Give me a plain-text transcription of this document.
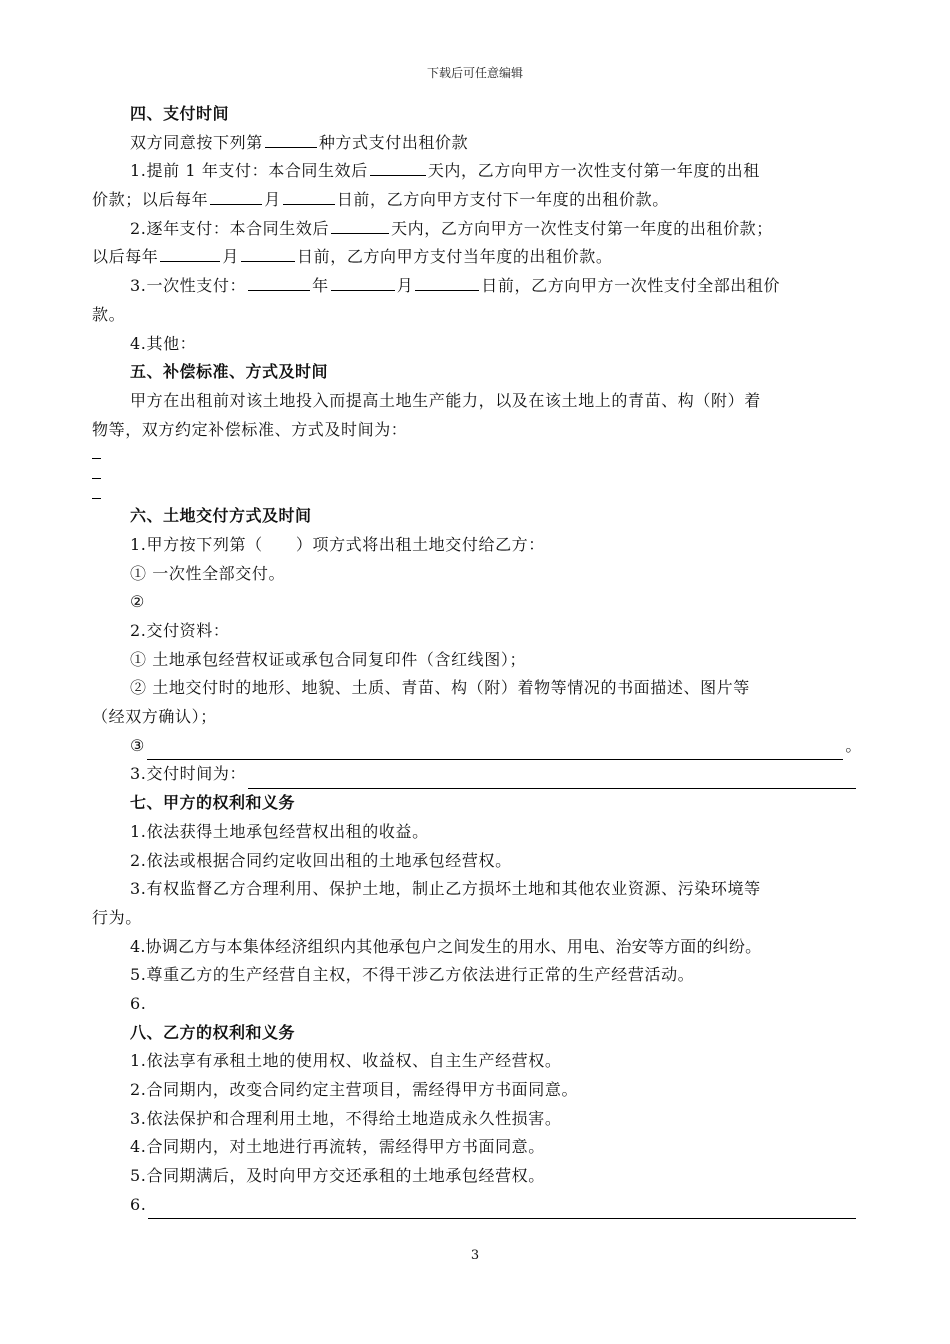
下载后可任意编辑
四、支付时间
双方同意按下列第	种方式支付出租价款
1.提前 1 年支付：本合同生效后	天内，乙方向甲方一次性支付第一年度的出租
价款；以后每年	月	日前，乙方向甲方支付下一年度的出租价款。
2.逐年支付：本合同生效后	天内，乙方向甲方一次性支付第一年度的出租价款；
以后每年	月	日前，乙方向甲方支付当年度的出租价款。
3.一次性支付：	年	月	日前，乙方向甲方一次性支付全部出租价
款。
4.其他：
五、补偿标准、方式及时间
甲方在出租前对该土地投入而提高土地生产能力，以及在该土地上的青苗、构（附）着
物等，双方约定补偿标准、方式及时间为：
六、土地交付方式及时间
1.甲方按下列第（　　）项方式将出租土地交付给乙方：
① 一次性全部交付。
②
2.交付资料：
① 土地承包经营权证或承包合同复印件（含红线图）；
② 土地交付时的地形、地貌、土质、青苗、构（附）着物等情况的书面描述、图片等
（经双方确认）；
③	。
3.交付时间为：
七、甲方的权利和义务
1.依法获得土地承包经营权出租的收益。
2.依法或根据合同约定收回出租的土地承包经营权。
3.有权监督乙方合理利用、保护土地，制止乙方损坏土地和其他农业资源、污染环境等
行为。
4.协调乙方与本集体经济组织内其他承包户之间发生的用水、用电、治安等方面的纠纷。
5.尊重乙方的生产经营自主权，不得干涉乙方依法进行正常的生产经营活动。
6.
八、乙方的权利和义务
1.依法享有承租土地的使用权、收益权、自主生产经营权。
2.合同期内，改变合同约定主营项目，需经得甲方书面同意。
3.依法保护和合理利用土地，不得给土地造成永久性损害。
4.合同期内，对土地进行再流转，需经得甲方书面同意。
5.合同期满后，及时向甲方交还承租的土地承包经营权。
6.
3
